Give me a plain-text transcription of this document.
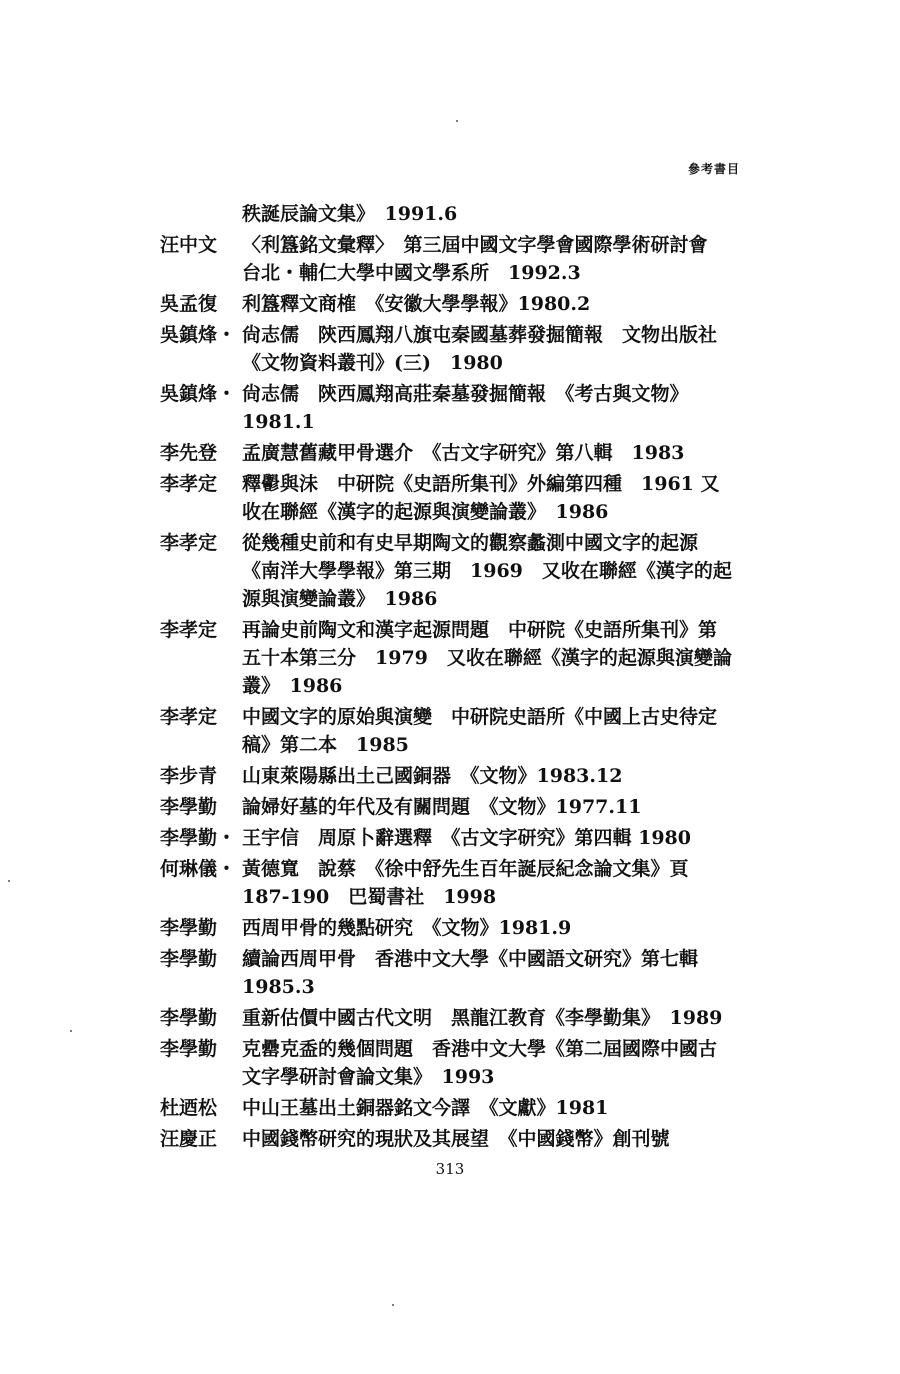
參考書目
秩誕辰論文集》　1991.6
汪中文 〈利簋銘文彙釋〉　第三屆中國文字學會國際學術研討會
台北・輔仁大學中國文學系所　1992.3
吳孟復 利簋釋文商榷　《安徽大學學報》1980.2
吳鎮烽・ 尙志儒　陝西鳳翔八旗屯秦國墓葬發掘簡報　文物出版社
《文物資料叢刊》(三)　1980
吳鎮烽・ 尙志儒　陝西鳳翔高莊秦墓發掘簡報　《考古與文物》
1981.1
李先登 孟廣慧舊藏甲骨選介　《古文字研究》第八輯　1983
李孝定 釋𩰪與沬　中研院《史語所集刊》外編第四種　1961 又
收在聯經《漢字的起源與演變論叢》　1986
李孝定 從幾種史前和有史早期陶文的觀察蠡測中國文字的起源
《南洋大學學報》第三期　1969　又收在聯經《漢字的起
源與演變論叢》　1986
李孝定 再論史前陶文和漢字起源問題　中研院《史語所集刊》第
五十本第三分　1979　又收在聯經《漢字的起源與演變論
叢》　1986
李孝定 中國文字的原始與演變　中研院史語所《中國上古史待定
稿》第二本　1985
李步青 山東萊陽縣出土己國銅器　《文物》1983.12
李學勤 論婦好墓的年代及有關問題　《文物》1977.11
李學勤・ 王宇信　周原卜辭選釋　《古文字研究》第四輯 1980
何琳儀・ 黃德寬　說蔡　《徐中舒先生百年誕辰紀念論文集》頁
187-190　巴蜀書社　1998
李學勤 西周甲骨的幾點研究　《文物》1981.9
李學勤 續論西周甲骨　香港中文大學《中國語文研究》第七輯
1985.3
李學勤 重新估價中國古代文明　黑龍江教育《李學勤集》　1989
李學勤 克罍克盉的幾個問題　香港中文大學《第二屆國際中國古
文字學研討會論文集》　1993
杜迺松 中山王墓出土銅器銘文今譯　《文獻》1981
汪慶正 中國錢幣研究的現狀及其展望　《中國錢幣》創刊號
313
